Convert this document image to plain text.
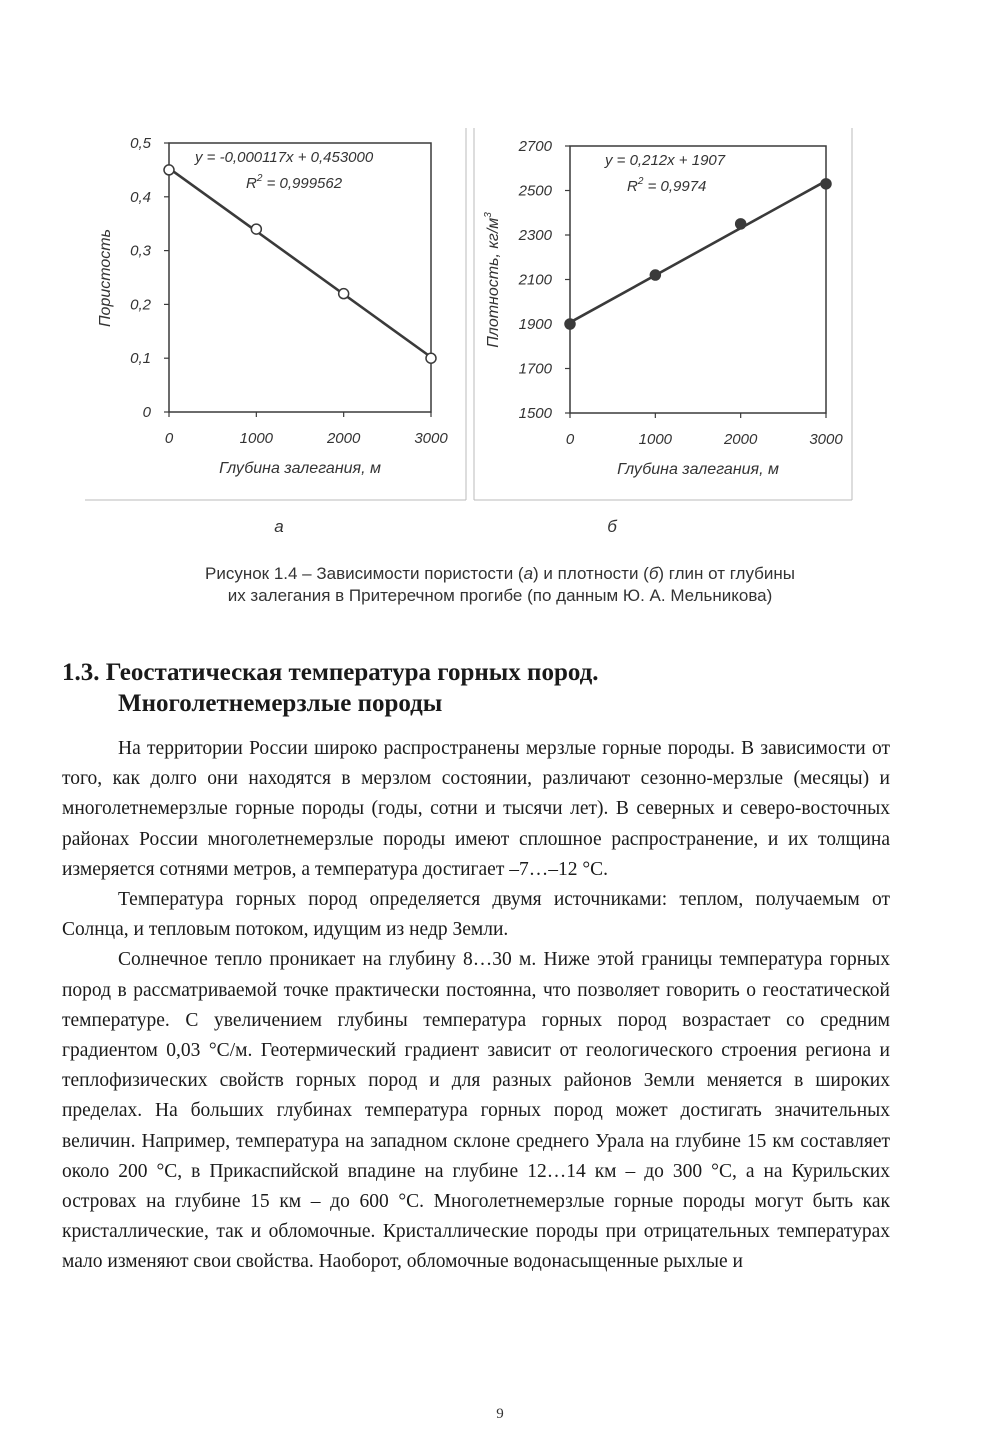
0
0,1
0,2
0,3
0,4
0,5
0	1000	2000	3000
y = -0,000117x + 0,453000
$R^2 = 0,999562$
Глубина залегания, м
Пористость
а
1500
1700
1900
2100
2300
2500
2700
0	1000	2000	3000
y = 0,212x + 1907
$R^2 = 0,9974$
Глубина залегания, м
Плотность, $кг/м^3$
б
Рисунок 1.4 – Зависимости пористости (а) и плотности (б) глин от глубины
их залегания в Притеречном прогибе (по данным Ю. А. Мельникова)
1.3. Геостатическая температура горных пород.
Многолетнемерзлые породы

На территории России широко распространены мерзлые горные породы. В зависимости от того, как долго они находятся в мерзлом состоянии, различают сезонно-мерзлые (месяцы) и многолетнемерзлые горные породы (годы, сотни и тысячи лет). В северных и северо-восточных районах России многолетнемерзлые породы имеют сплошное распространение, и их толщина измеряется сотнями метров, а температура достигает –7…–12 °С.

Температура горных пород определяется двумя источниками: теплом, получаемым от Солнца, и тепловым потоком, идущим из недр Земли.

Солнечное тепло проникает на глубину 8…30 м. Ниже этой границы температура горных пород в рассматриваемой точке практически постоянна, что позволяет говорить о геостатической температуре. С увеличением глубины температура горных пород возрастает со средним градиентом 0,03 °С/м. Геотермический градиент зависит от геологического строения региона и теплофизических свойств горных пород и для разных районов Земли меняется в широких пределах. На больших глубинах температура горных пород может достигать значительных величин. Например, температура на западном склоне среднего Урала на глубине 15 км составляет около 200 °С, в Прикаспийской впадине на глубине 12…14 км – до 300 °С, а на Курильских островах на глубине 15 км – до 600 °С. Многолетнемерзлые горные породы могут быть как кристаллические, так и обломочные. Кристаллические породы при отрицательных температурах мало изменяют свои свойства. Наоборот, обломочные водонасыщенные рыхлые и

9
